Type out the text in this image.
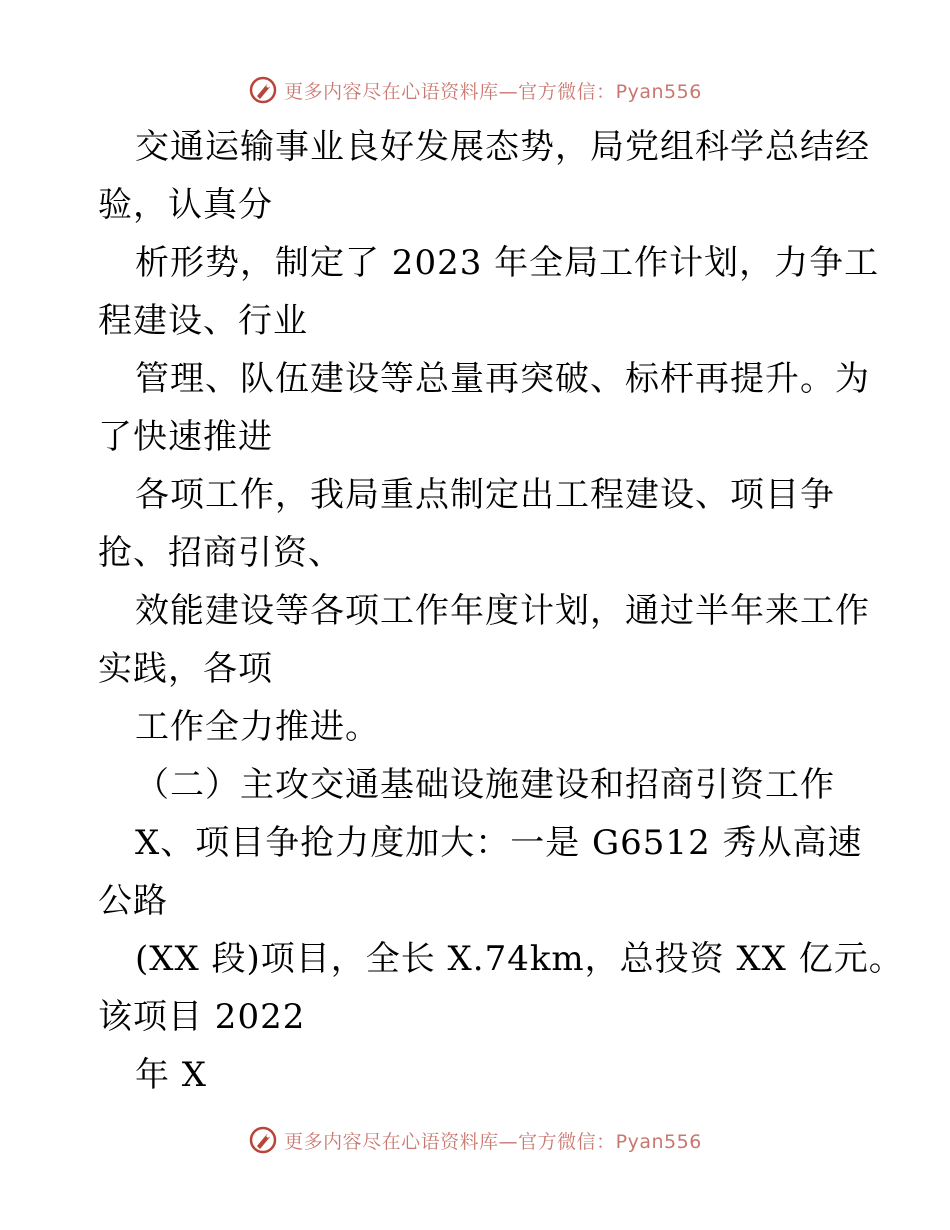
更多内容尽在心语资料库—官方微信：Pyan556
交通运输事业良好发展态势，局党组科学总结经
验，认真分
析形势，制定了 2023 年全局工作计划，力争工
程建设、行业
管理、队伍建设等总量再突破、标杆再提升。为
了快速推进
各项工作，我局重点制定出工程建设、项目争
抢、招商引资、
效能建设等各项工作年度计划，通过半年来工作
实践，各项
工作全力推进。
（二）主攻交通基础设施建设和招商引资工作
X、项目争抢力度加大：一是 G6512 秀从高速
公路
(XX 段)项目，全长 X.74km，总投资 XX 亿元。
该项目 2022
年 X
更多内容尽在心语资料库—官方微信：Pyan556
